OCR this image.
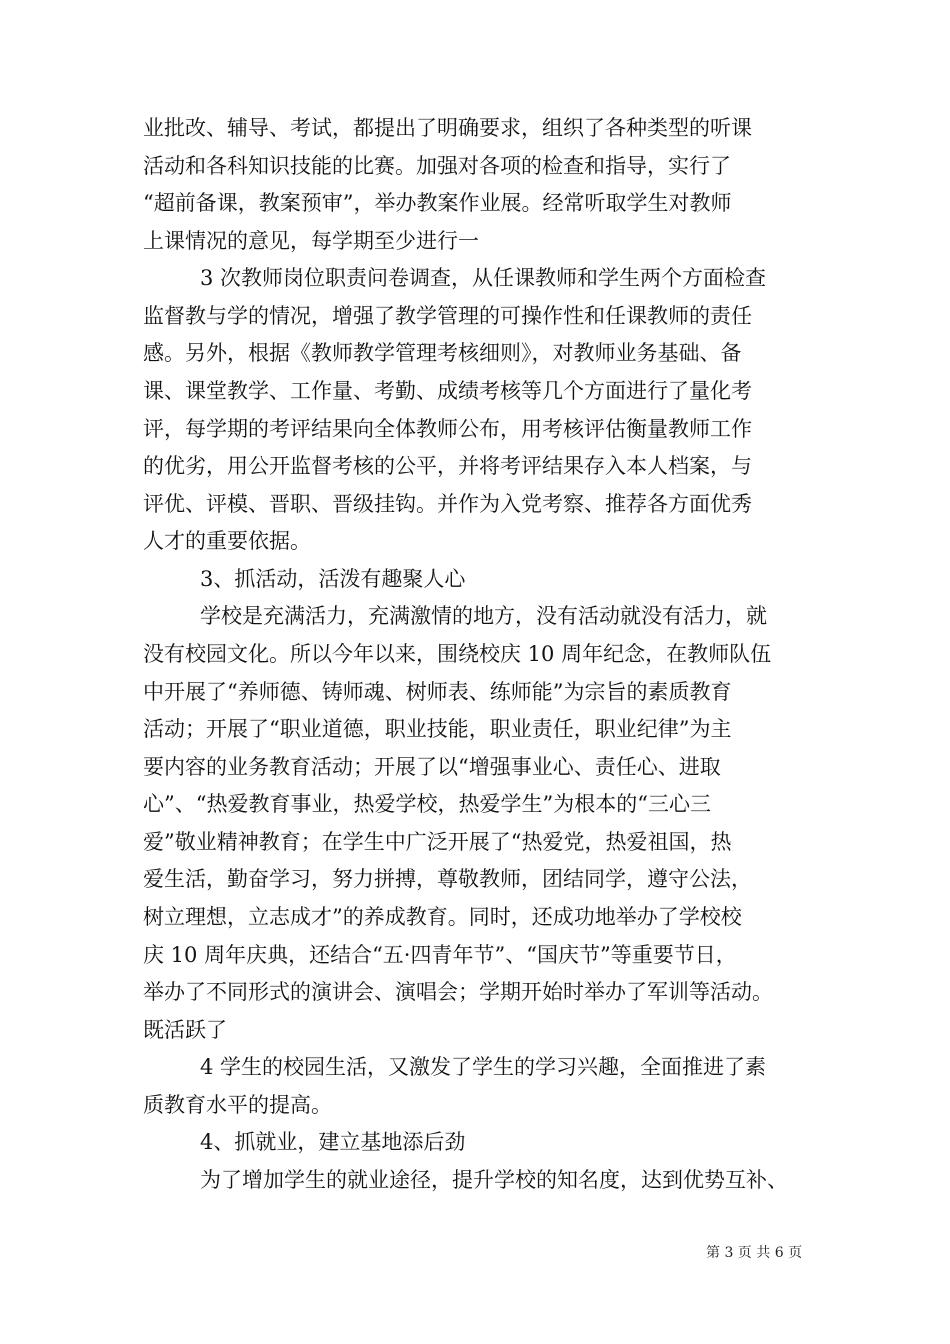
业批改、辅导、考试，都提出了明确要求，组织了各种类型的听课

活动和各科知识技能的比赛。加强对各项的检查和指导，实行了

“超前备课，教案预审”，举办教案作业展。经常听取学生对教师

上课情况的意见，每学期至少进行一

3 次教师岗位职责问卷调查，从任课教师和学生两个方面检查

监督教与学的情况，增强了教学管理的可操作性和任课教师的责任

感。另外，根据《教师教学管理考核细则》，对教师业务基础、备

课、课堂教学、工作量、考勤、成绩考核等几个方面进行了量化考

评，每学期的考评结果向全体教师公布，用考核评估衡量教师工作

的优劣，用公开监督考核的公平，并将考评结果存入本人档案，与

评优、评模、晋职、晋级挂钩。并作为入党考察、推荐各方面优秀

人才的重要依据。

3、抓活动，活泼有趣聚人心

学校是充满活力，充满激情的地方，没有活动就没有活力，就

没有校园文化。所以今年以来，围绕校庆 10 周年纪念，在教师队伍

中开展了“养师德、铸师魂、树师表、练师能”为宗旨的素质教育

活动；开展了“职业道德，职业技能，职业责任，职业纪律”为主

要内容的业务教育活动；开展了以“增强事业心、责任心、进取

心”、“热爱教育事业，热爱学校，热爱学生”为根本的“三心三

爱”敬业精神教育；在学生中广泛开展了“热爱党，热爱祖国，热

爱生活，勤奋学习，努力拼搏，尊敬教师，团结同学，遵守公法，

树立理想，立志成才”的养成教育。同时，还成功地举办了学校校

庆 10 周年庆典，还结合“五·四青年节”、“国庆节”等重要节日，

举办了不同形式的演讲会、演唱会；学期开始时举办了军训等活动。

既活跃了

4 学生的校园生活，又激发了学生的学习兴趣，全面推进了素

质教育水平的提高。

4、抓就业，建立基地添后劲

为了增加学生的就业途径，提升学校的知名度，达到优势互补、

第 3 页 共 6 页
